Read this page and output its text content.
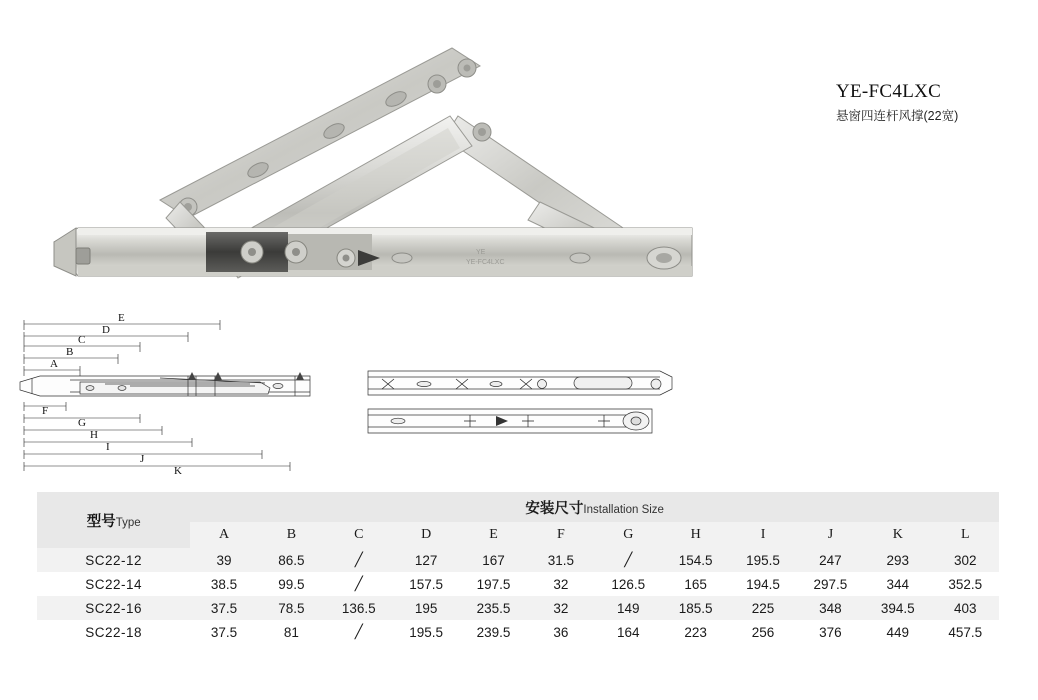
YE-FC4LXC
悬窗四连杆风撑(22宽)
YE
YE-FC4LXC
A
B
C
D
E
F
G
H
I
J
K
型号Type	安装尺寸Installation Size											
	A	B	C	D	E	F	G	H	I	J	K	L
SC22-12	39	86.5	╱	127	167	31.5	╱	154.5	195.5	247	293	302
SC22-14	38.5	99.5	╱	157.5	197.5	32	126.5	165	194.5	297.5	344	352.5
SC22-16	37.5	78.5	136.5	195	235.5	32	149	185.5	225	348	394.5	403
SC22-18	37.5	81	╱	195.5	239.5	36	164	223	256	376	449	457.5
